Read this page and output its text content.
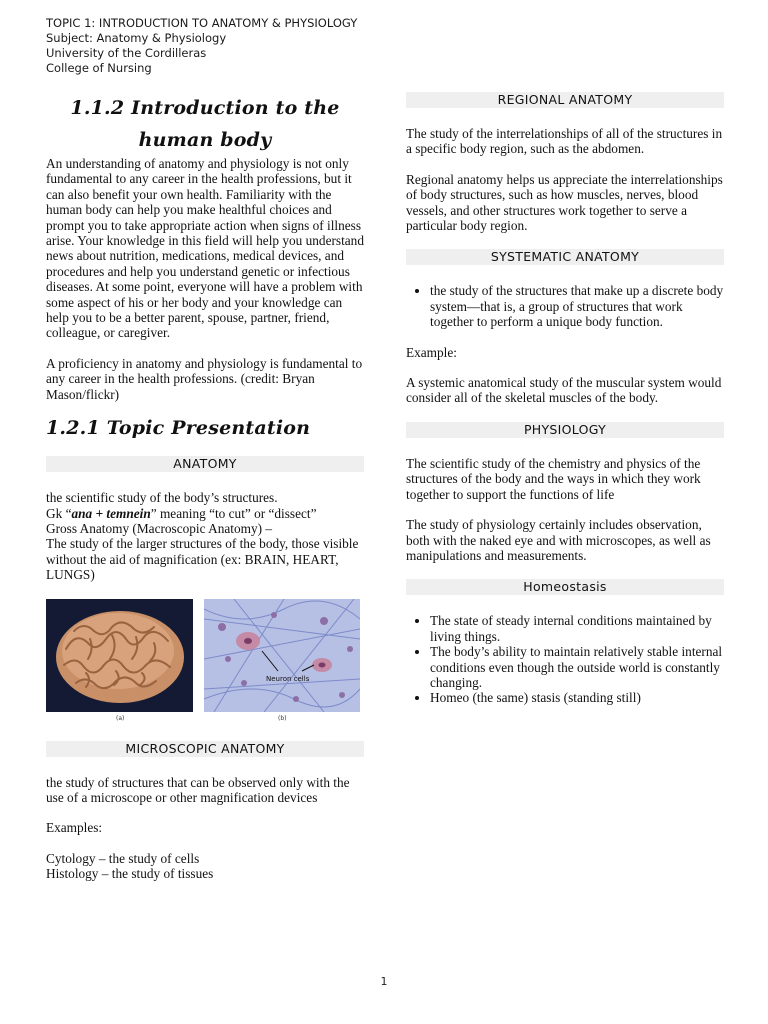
TOPIC 1: INTRODUCTION TO ANATOMY & PHYSIOLOGY
Subject: Anatomy & Physiology
University of the Cordilleras
College of Nursing
1.1.2 Introduction to the human body

An understanding of anatomy and physiology is not only fundamental to any career in the health professions, but it can also benefit your own health. Familiarity with the human body can help you make healthful choices and prompt you to take appropriate action when signs of illness arise. Your knowledge in this field will help you understand news about nutrition, medications, medical devices, and procedures and help you understand genetic or infectious diseases. At some point, everyone will have a problem with some aspect of his or her body and your knowledge can help you to be a better parent, spouse, partner, friend, colleague, or caregiver.

A proficiency in anatomy and physiology is fundamental to any career in the health professions. (credit: Bryan Mason/flickr)

1.2.1 Topic Presentation
ANATOMY

the scientific study of the body’s structures.

Gk “ana + temnein” meaning “to cut” or “dissect”

Gross Anatomy (Macroscopic Anatomy) –

The study of the larger structures of the body, those visible without the aid of magnification (ex: BRAIN, HEART, LUNGS)

Neuron cells
(a)	(b)
MICROSCOPIC ANATOMY

the study of structures that can be observed only with the use of a microscope or other magnification devices

Examples:

Cytology – the study of cells

Histology – the study of tissues

REGIONAL ANATOMY

The study of the interrelationships of all of the structures in a specific body region, such as the abdomen.

Regional anatomy helps us appreciate the interrelationships of body structures, such as how muscles, nerves, blood vessels, and other structures work together to serve a particular body region.

SYSTEMATIC ANATOMY
• the study of the structures that make up a discrete body system—that is, a group of structures that work together to perform a unique body function.

Example:

A systemic anatomical study of the muscular system would consider all of the skeletal muscles of the body.

PHYSIOLOGY

The scientific study of the chemistry and physics of the structures of the body and the ways in which they work together to support the functions of life

The study of physiology certainly includes observation, both with the naked eye and with microscopes, as well as manipulations and measurements.

Homeostasis
• The state of steady internal conditions maintained by living things.
• The body’s ability to maintain relatively stable internal conditions even though the outside world is constantly changing.
• Homeo (the same) stasis (standing still)
1
